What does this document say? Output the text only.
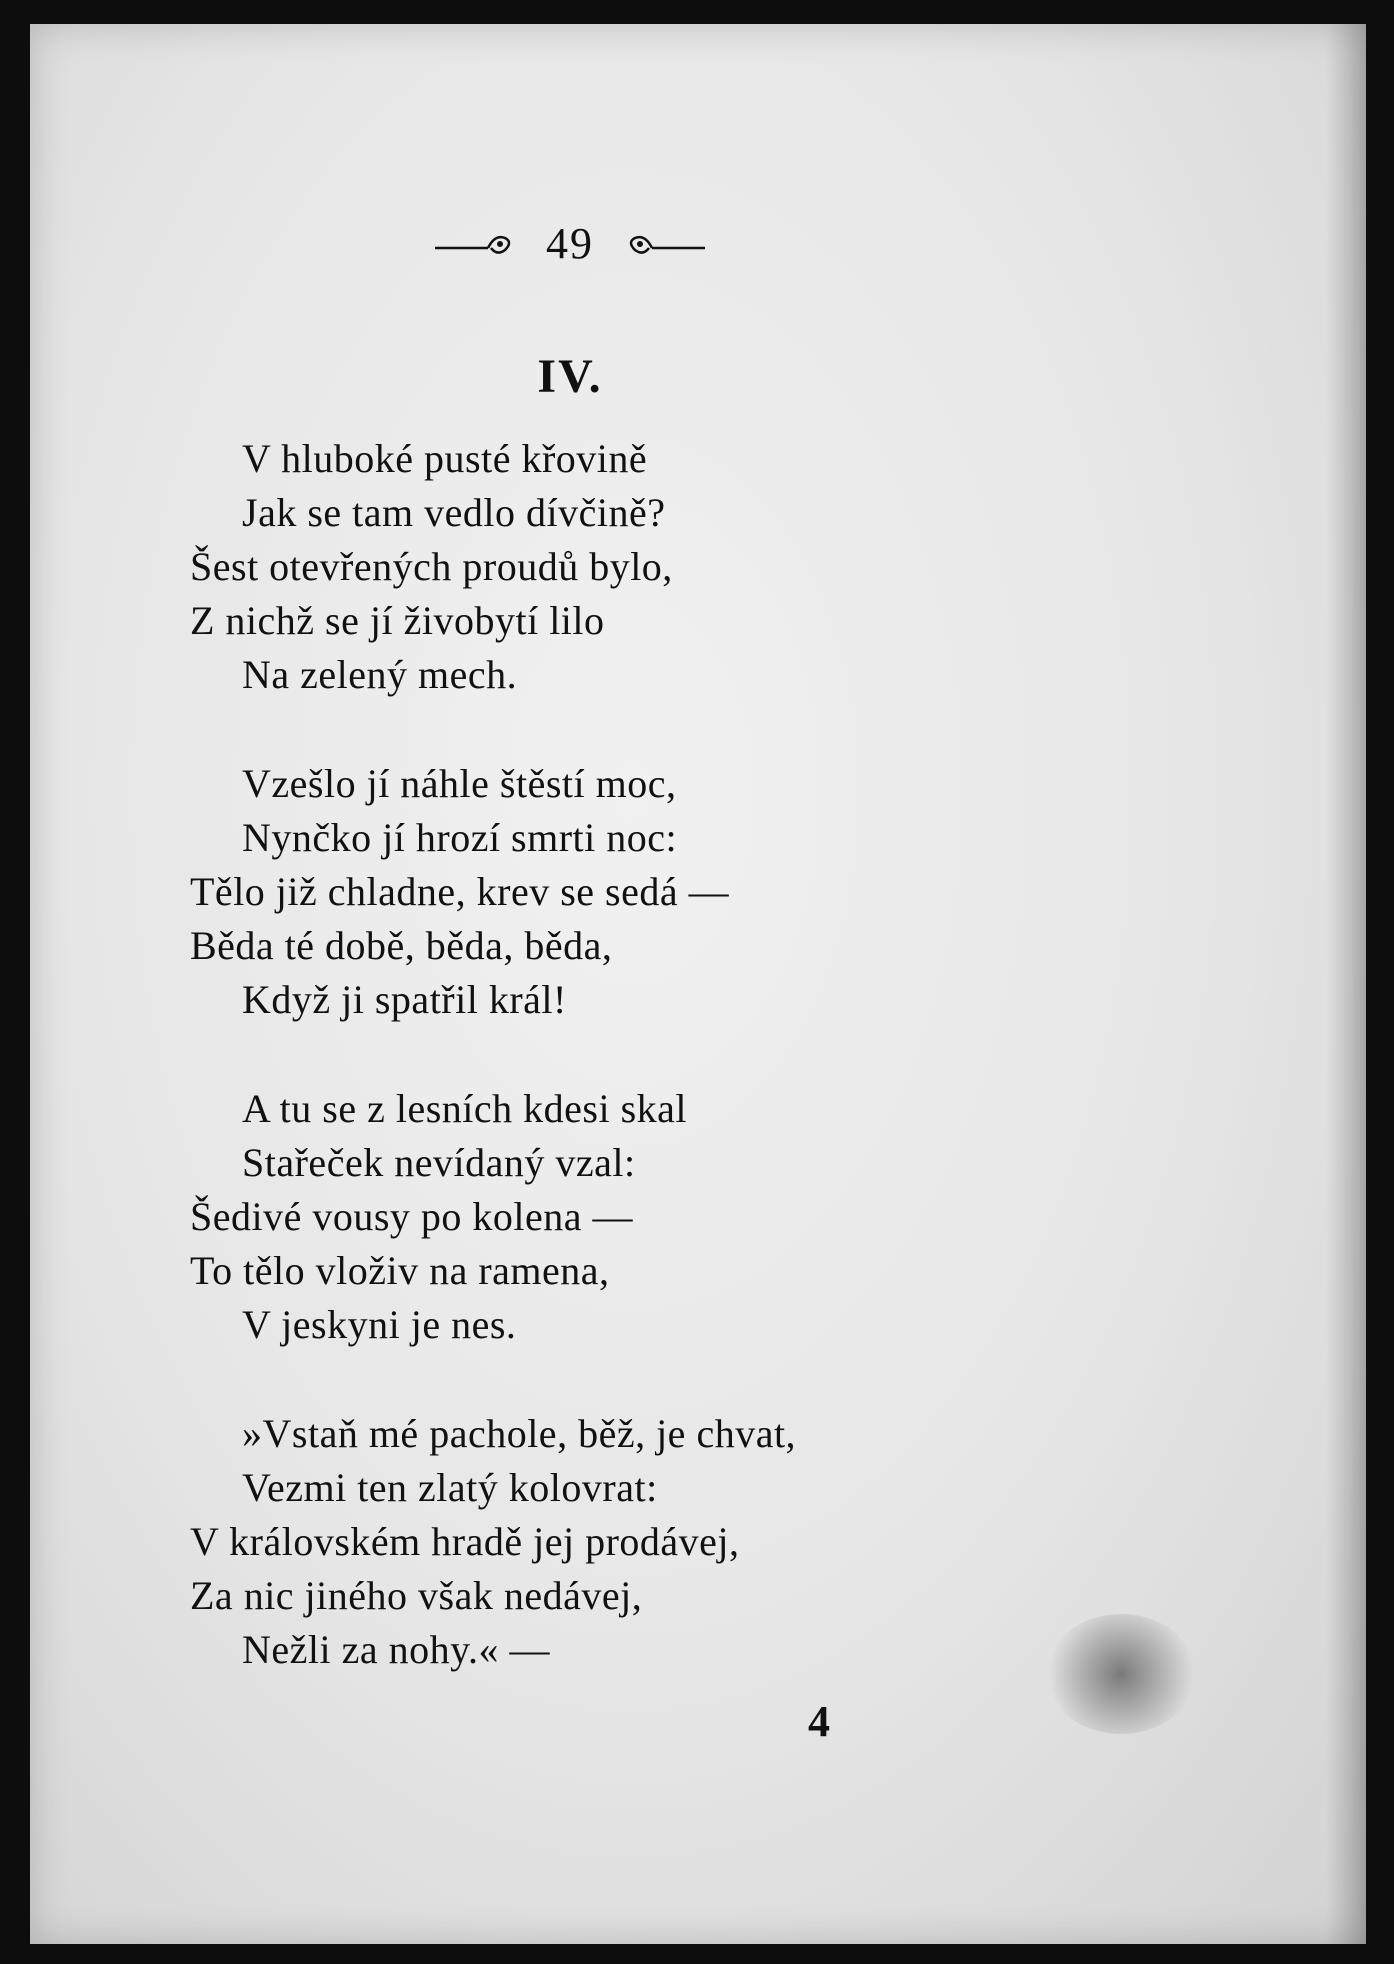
49
IV.
V hluboké pusté křovině
Jak se tam vedlo dívčině?
Šest otevřených proudů bylo,
Z nichž se jí živobytí lilo
Na zelený mech.
Vzešlo jí náhle štěstí moc,
Nynčko jí hrozí smrti noc:
Tělo již chladne, krev se sedá —
Běda té době, běda, běda,
Když ji spatřil král!
A tu se z lesních kdesi skal
Stařeček nevídaný vzal:
Šedivé vousy po kolena —
To tělo vloživ na ramena,
V jeskyni je nes.
»Vstaň mé pachole, běž, je chvat,
Vezmi ten zlatý kolovrat:
V královském hradě jej prodávej,
Za nic jiného však nedávej,
Nežli za nohy.« —
4
